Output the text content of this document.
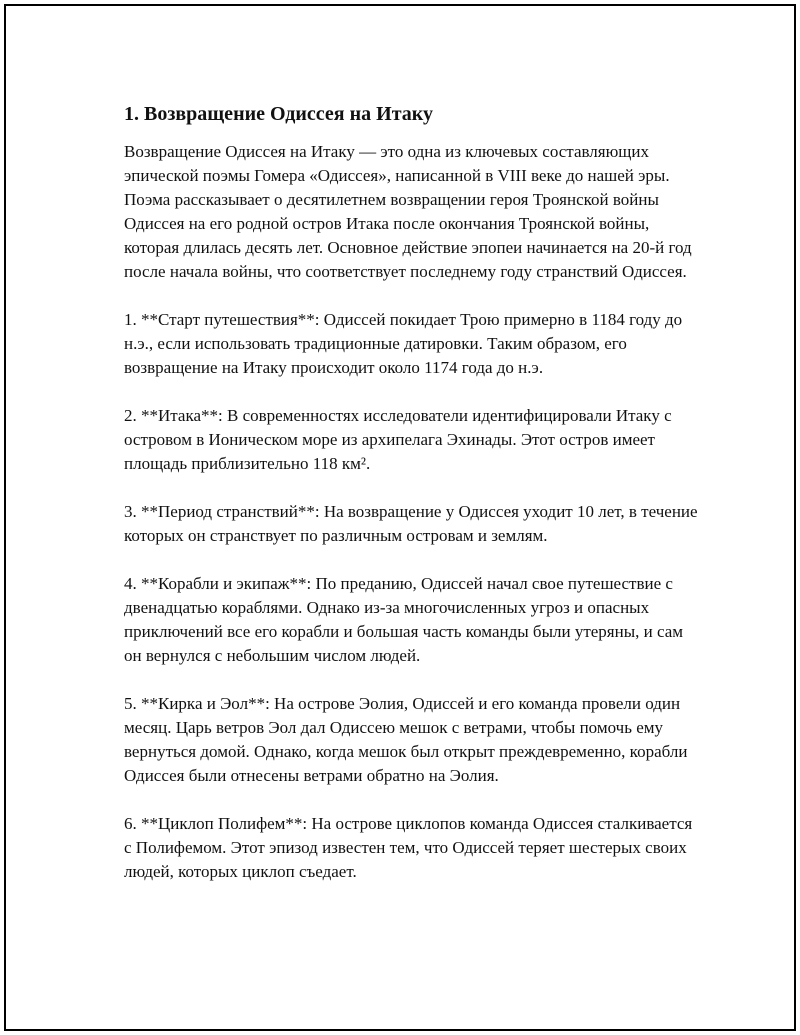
1. Возвращение Одиссея на Итаку

Возвращение Одиссея на Итаку — это одна из ключевых составляющих эпической поэмы Гомера «Одиссея», написанной в VIII веке до нашей эры. Поэма рассказывает о десятилетнем возвращении героя Троянской войны Одиссея на его родной остров Итака после окончания Троянской войны, которая длилась десять лет. Основное действие эпопеи начинается на 20-й год после начала войны, что соответствует последнему году странствий Одиссея.

1. **Старт путешествия**: Одиссей покидает Трою примерно в 1184 году до н.э., если использовать традиционные датировки. Таким образом, его возвращение на Итаку происходит около 1174 года до н.э.

2. **Итака**: В современностях исследователи идентифицировали Итаку с островом в Ионическом море из архипелага Эхинады. Этот остров имеет площадь приблизительно 118 км².

3. **Период странствий**: На возвращение у Одиссея уходит 10 лет, в течение которых он странствует по различным островам и землям.

4. **Корабли и экипаж**: По преданию, Одиссей начал свое путешествие с двенадцатью кораблями. Однако из-за многочисленных угроз и опасных приключений все его корабли и большая часть команды были утеряны, и сам он вернулся с небольшим числом людей.

5. **Кирка и Эол**: На острове Эолия, Одиссей и его команда провели один месяц. Царь ветров Эол дал Одиссею мешок с ветрами, чтобы помочь ему вернуться домой. Однако, когда мешок был открыт преждевременно, корабли Одиссея были отнесены ветрами обратно на Эолия.

6. **Циклоп Полифем**: На острове циклопов команда Одиссея сталкивается с Полифемом. Этот эпизод известен тем, что Одиссей теряет шестерых своих людей, которых циклоп съедает.
